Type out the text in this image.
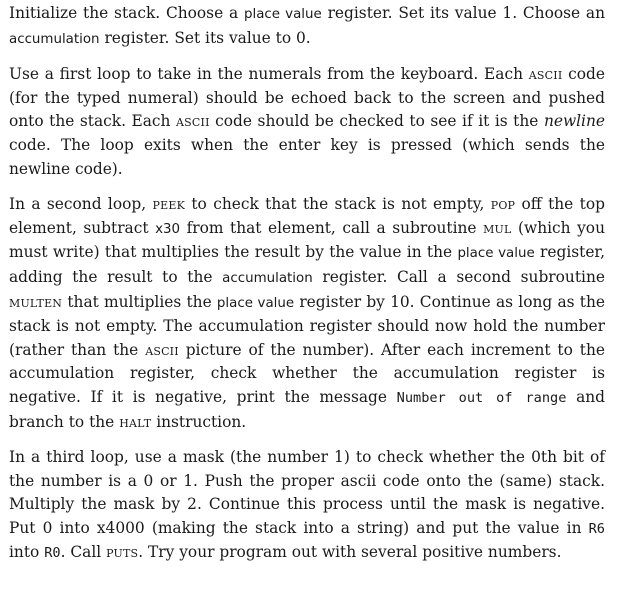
Initialize the stack. Choose a place value register. Set its value 1. Choose an accumulation register. Set its value to 0.

Use a first loop to take in the numerals from the keyboard. Each ascii code (for the typed numeral) should be echoed back to the screen and pushed onto the stack. Each ascii code should be checked to see if it is the newline code. The loop exits when the enter key is pressed (which sends the newline code).

In a second loop, peek to check that the stack is not empty, pop off the top element, subtract x30 from that element, call a subroutine mul (which you must write) that multiplies the result by the value in the place value register, adding the result to the accumulation register. Call a second subroutine multen that multiplies the place value register by 10. Continue as long as the stack is not empty. The accumulation register should now hold the number (rather than the ascii picture of the number). After each increment to the accumulation register, check whether the accumulation register is negative. If it is negative, print the message Number out of range and branch to the halt instruction.

In a third loop, use a mask (the number 1) to check whether the 0th bit of the number is a 0 or 1. Push the proper ascii code onto the (same) stack. Multiply the mask by 2. Continue this process until the mask is negative. Put 0 into x4000 (making the stack into a string) and put the value in R6 into R0. Call puts. Try your program out with several positive numbers.
